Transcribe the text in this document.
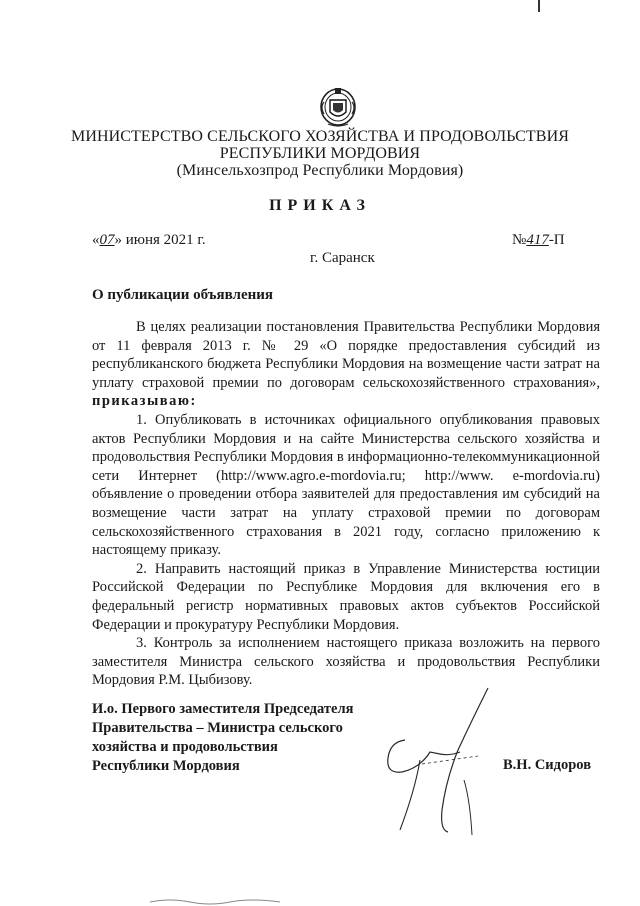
МИНИСТЕРСТВО СЕЛЬСКОГО ХОЗЯЙСТВА И ПРОДОВОЛЬСТВИЯ
РЕСПУБЛИКИ МОРДОВИЯ
(Минсельхозпрод Республики Мордовия)
ПРИКАЗ
«07» июня 2021 г.	№417-П
г. Саранск
О публикации объявления

В целях реализации постановления Правительства Республики Мордовия от 11 февраля 2013 г. № 29 «О порядке предоставления субсидий из республиканского бюджета Республики Мордовия на возмещение части затрат на уплату страховой премии по договорам сельскохозяйственного страхования», приказываю:

1. Опубликовать в источниках официального опубликования правовых актов Республики Мордовия и на сайте Министерства сельского хозяйства и продовольствия Республики Мордовия в информационно-телекоммуникационной сети Интернет (http://www.agro.e-mordovia.ru; http://www. e-mordovia.ru) объявление о проведении отбора заявителей для предоставления им субсидий на возмещение части затрат на уплату страховой премии по договорам сельскохозяйственного страхования в 2021 году, согласно приложению к настоящему приказу.

2. Направить настоящий приказ в Управление Министерства юстиции Российской Федерации по Республике Мордовия для включения его в федеральный регистр нормативных правовых актов субъектов Российской Федерации и прокуратуру Республики Мордовия.

3. Контроль за исполнением настоящего приказа возложить на первого заместителя Министра сельского хозяйства и продовольствия Республики Мордовия Р.М. Цыбизову.

И.о. Первого заместителя Председателя
Правительства – Министра сельского
хозяйства и продовольствия
Республики Мордовия	В.Н. Сидоров
